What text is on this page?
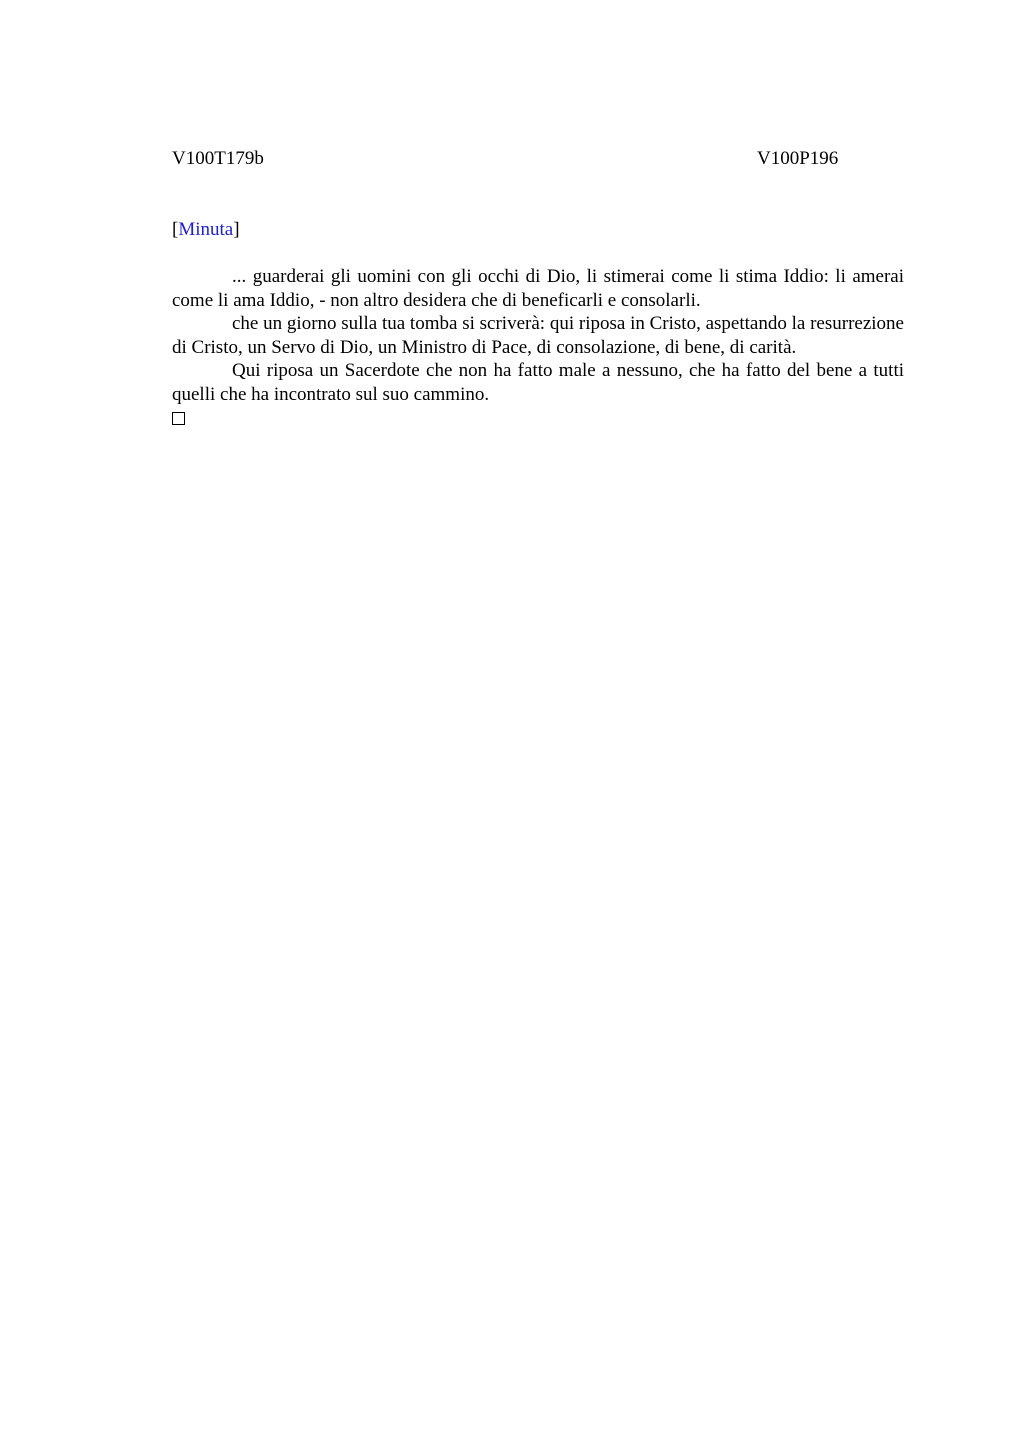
V100T179b	V100P196
[Minuta]

... guarderai gli uomini con gli occhi di Dio, li stimerai come li stima Iddio: li amerai come li ama Iddio, - non altro desidera che di beneficarli e consolarli.

che un giorno sulla tua tomba si scriverà: qui riposa in Cristo, aspettando la resurrezione di Cristo, un Servo di Dio, un Ministro di Pace, di consolazione, di bene, di carità.

Qui riposa un Sacerdote che non ha fatto male a nessuno, che ha fatto del bene a tutti quelli che ha incontrato sul suo cammino.
